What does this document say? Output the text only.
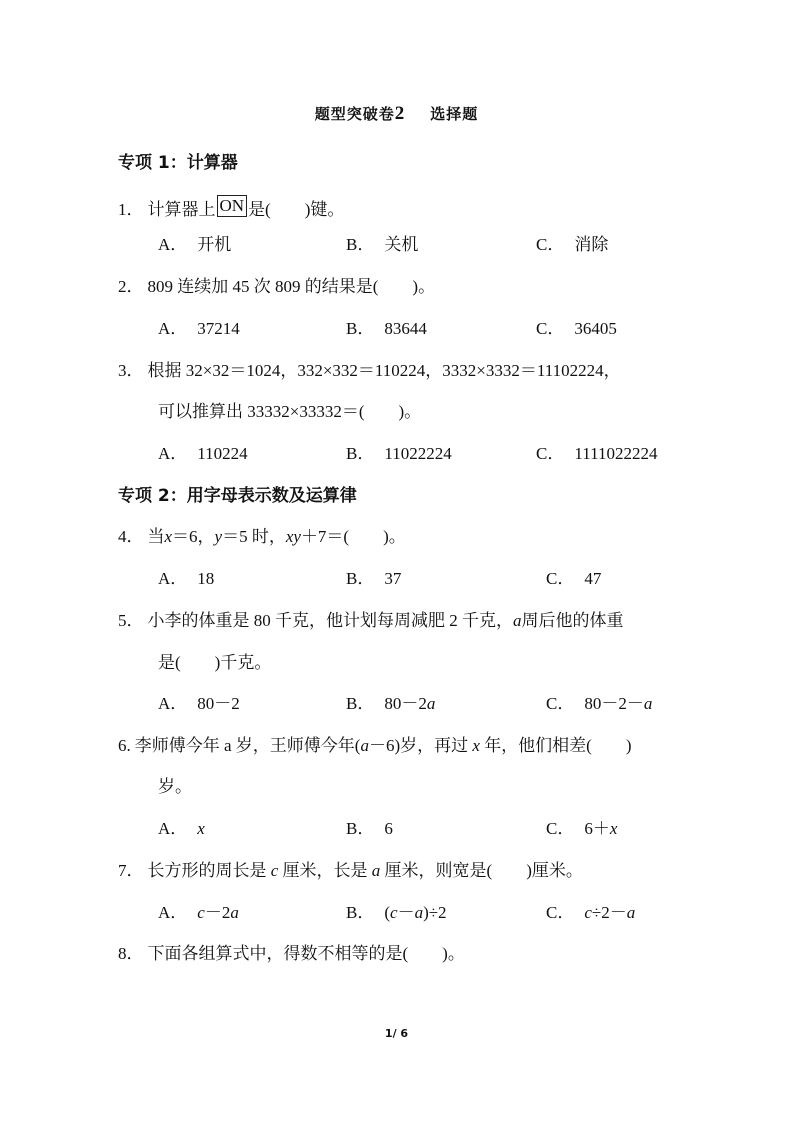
题型突破卷2 选择题
专项 1：计算器
1． 计算器上 ON 是(　　)键。
A． 开机	B． 关机	C． 消除
2． 809 连续加 45 次 809 的结果是(　　)。
A． 37214	B． 83644	C． 36405
3． 根据 32×32＝1024，332×332＝110224，3332×3332＝11102224，
可以推算出 33332×33332＝(　　)。
A． 110224	B． 11022224	C． 1111022224
专项 2：用字母表示数及运算律
4． 当x＝6，y＝5 时，xy＋7＝(　　)。
A． 18	B． 37	C． 47
5． 小李的体重是 80 千克，他计划每周减肥 2 千克，a周后他的体重
是(　　)千克。
A． 80－2	B． 80－2a	C． 80－2－a
6. 李师傅今年 a 岁，王师傅今年(a－6)岁，再过 x 年，他们相差(　　)
岁。
A． x	B． 6	C． 6＋x
7． 长方形的周长是 c 厘米，长是 a 厘米，则宽是(　　)厘米。
A． c－2a	B． (c－a)÷2	C． c÷2－a
8． 下面各组算式中，得数不相等的是(　　)。
1/ 6
